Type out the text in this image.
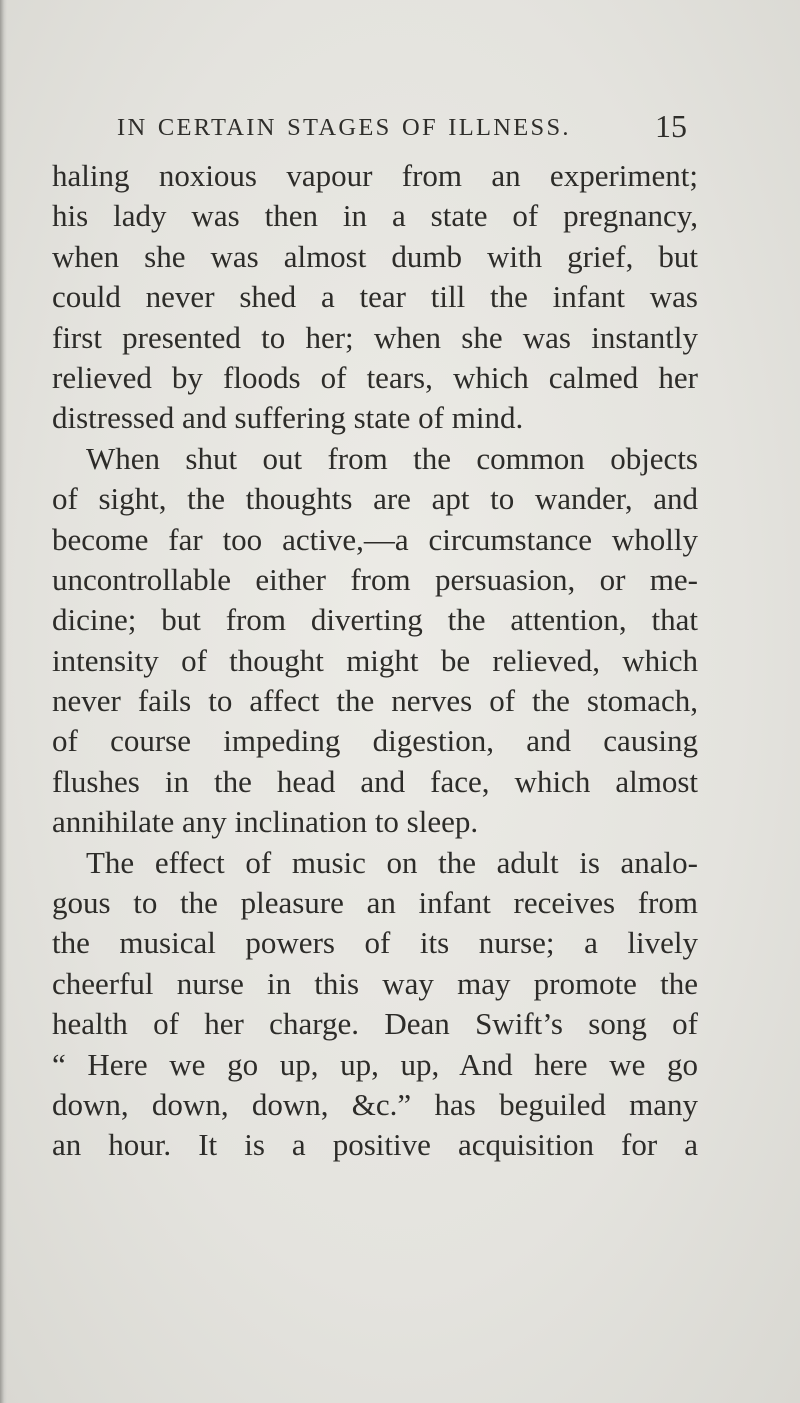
IN CERTAIN STAGES OF ILLNESS.	15
haling noxious vapour from an experiment;
his lady was then in a state of pregnancy,
when she was almost dumb with grief, but
could never shed a tear till the infant was
first presented to her; when she was instantly
relieved by floods of tears, which calmed her
distressed and suffering state of mind.
When shut out from the common objects
of sight, the thoughts are apt to wander, and
become far too active,—a circumstance wholly
uncontrollable either from persuasion, or me-
dicine; but from diverting the attention, that
intensity of thought might be relieved, which
never fails to affect the nerves of the stomach,
of course impeding digestion, and causing
flushes in the head and face, which almost
annihilate any inclination to sleep.
The effect of music on the adult is analo-
gous to the pleasure an infant receives from
the musical powers of its nurse; a lively
cheerful nurse in this way may promote the
health of her charge. Dean Swift’s song of
“ Here we go up, up, up, And here we go
down, down, down, &c.” has beguiled many
an hour. It is a positive acquisition for a
